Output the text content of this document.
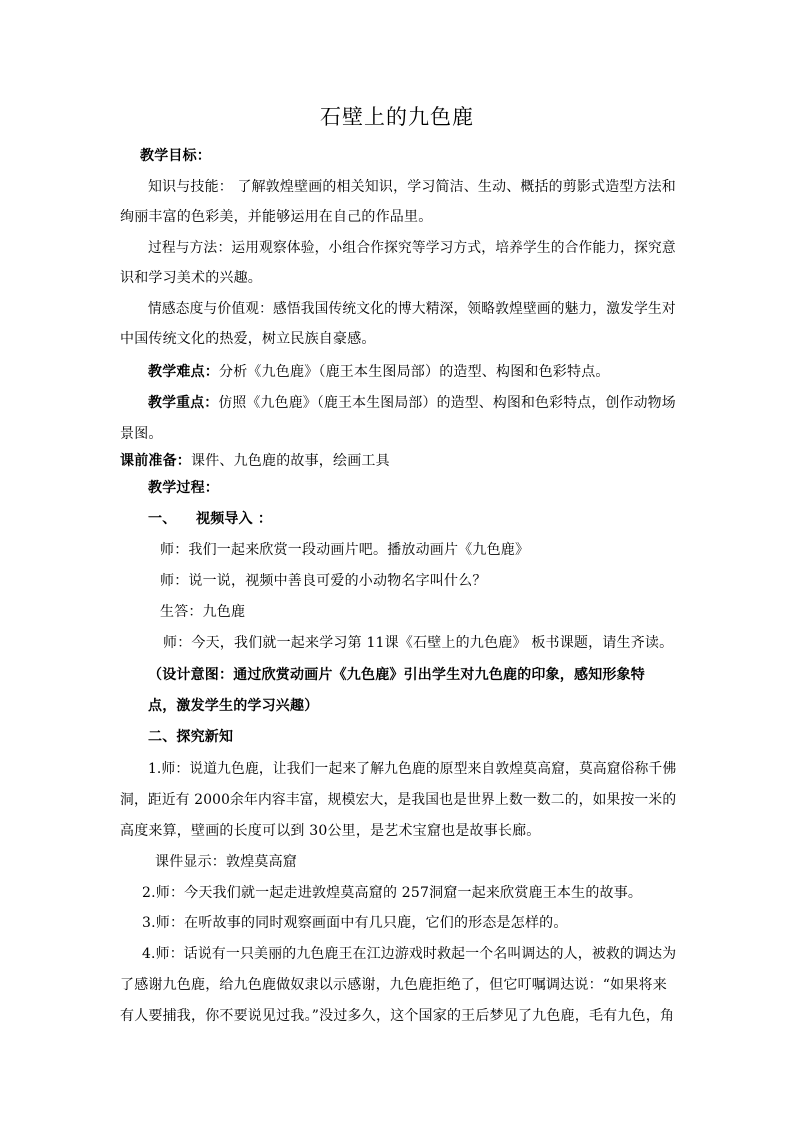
石壁上的九色鹿
教学目标：
知识与技能： 了解敦煌壁画的相关知识，学习简洁、生动、概括的剪影式造型方法和
绚丽丰富的色彩美，并能够运用在自己的作品里。
过程与方法：运用观察体验，小组合作探究等学习方式，培养学生的合作能力，探究意
识和学习美术的兴趣。
情感态度与价值观：感悟我国传统文化的博大精深，领略敦煌壁画的魅力，激发学生对
中国传统文化的热爱，树立民族自豪感。
教学难点：分析《九色鹿》（鹿王本生图局部）的造型、构图和色彩特点。
教学重点：仿照《九色鹿》（鹿王本生图局部）的造型、构图和色彩特点，创作动物场
景图。
课前准备：课件、九色鹿的故事，绘画工具
教学过程：
一、 视频导入 ：
师：我们一起来欣赏一段动画片吧。播放动画片《九色鹿》
师：说一说，视频中善良可爱的小动物名字叫什么？
生答：九色鹿
师：今天，我们就一起来学习第 11课《石壁上的九色鹿》 板书课题，请生齐读。
（设计意图：通过欣赏动画片《九色鹿》引出学生对九色鹿的印象，感知形象特
点，激发学生的学习兴趣）
二、探究新知
1.师：说道九色鹿，让我们一起来了解九色鹿的原型来自敦煌莫高窟，莫高窟俗称千佛
洞，距近有 2000余年内容丰富，规模宏大，是我国也是世界上数一数二的，如果按一米的
高度来算，壁画的长度可以到 30公里，是艺术宝窟也是故事长廊。
课件显示：敦煌莫高窟
2.师：今天我们就一起走进敦煌莫高窟的 257洞窟一起来欣赏鹿王本生的故事。
3.师：在听故事的同时观察画面中有几只鹿，它们的形态是怎样的。
4.师：话说有一只美丽的九色鹿王在江边游戏时救起一个名叫调达的人，被救的调达为
了感谢九色鹿，给九色鹿做奴隶以示感谢，九色鹿拒绝了，但它叮嘱调达说：“如果将来
有人要捕我，你不要说见过我。”没过多久，这个国家的王后梦见了九色鹿，毛有九色，角
